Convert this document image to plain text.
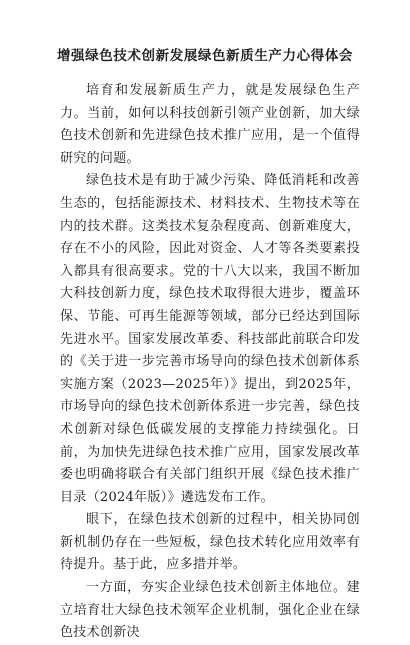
增强绿色技术创新发展绿色新质生产力心得体会

培育和发展新质生产力，就是发展绿色生产力。当前，如何以科技创新引领产业创新，加大绿色技术创新和先进绿色技术推广应用，是一个值得研究的问题。

绿色技术是有助于减少污染、降低消耗和改善生态的，包括能源技术、材料技术、生物技术等在内的技术群。这类技术复杂程度高、创新难度大，存在不小的风险，因此对资金、人才等各类要素投入都具有很高要求。党的十八大以来，我国不断加大科技创新力度，绿色技术取得很大进步，覆盖环保、节能、可再生能源等领域，部分已经达到国际先进水平。国家发展改革委、科技部此前联合印发的《关于进一步完善市场导向的绿色技术创新体系实施方案（2023—2025年）》提出，到2025年，市场导向的绿色技术创新体系进一步完善，绿色技术创新对绿色低碳发展的支撑能力持续强化。日前，为加快先进绿色技术推广应用，国家发展改革委也明确将联合有关部门组织开展《绿色技术推广目录（2024年版）》遴选发布工作。

眼下，在绿色技术创新的过程中，相关协同创新机制仍存在一些短板，绿色技术转化应用效率有待提升。基于此，应多措并举。

一方面，夯实企业绿色技术创新主体地位。建立培育壮大绿色技术领军企业机制，强化企业在绿色技术创新决
